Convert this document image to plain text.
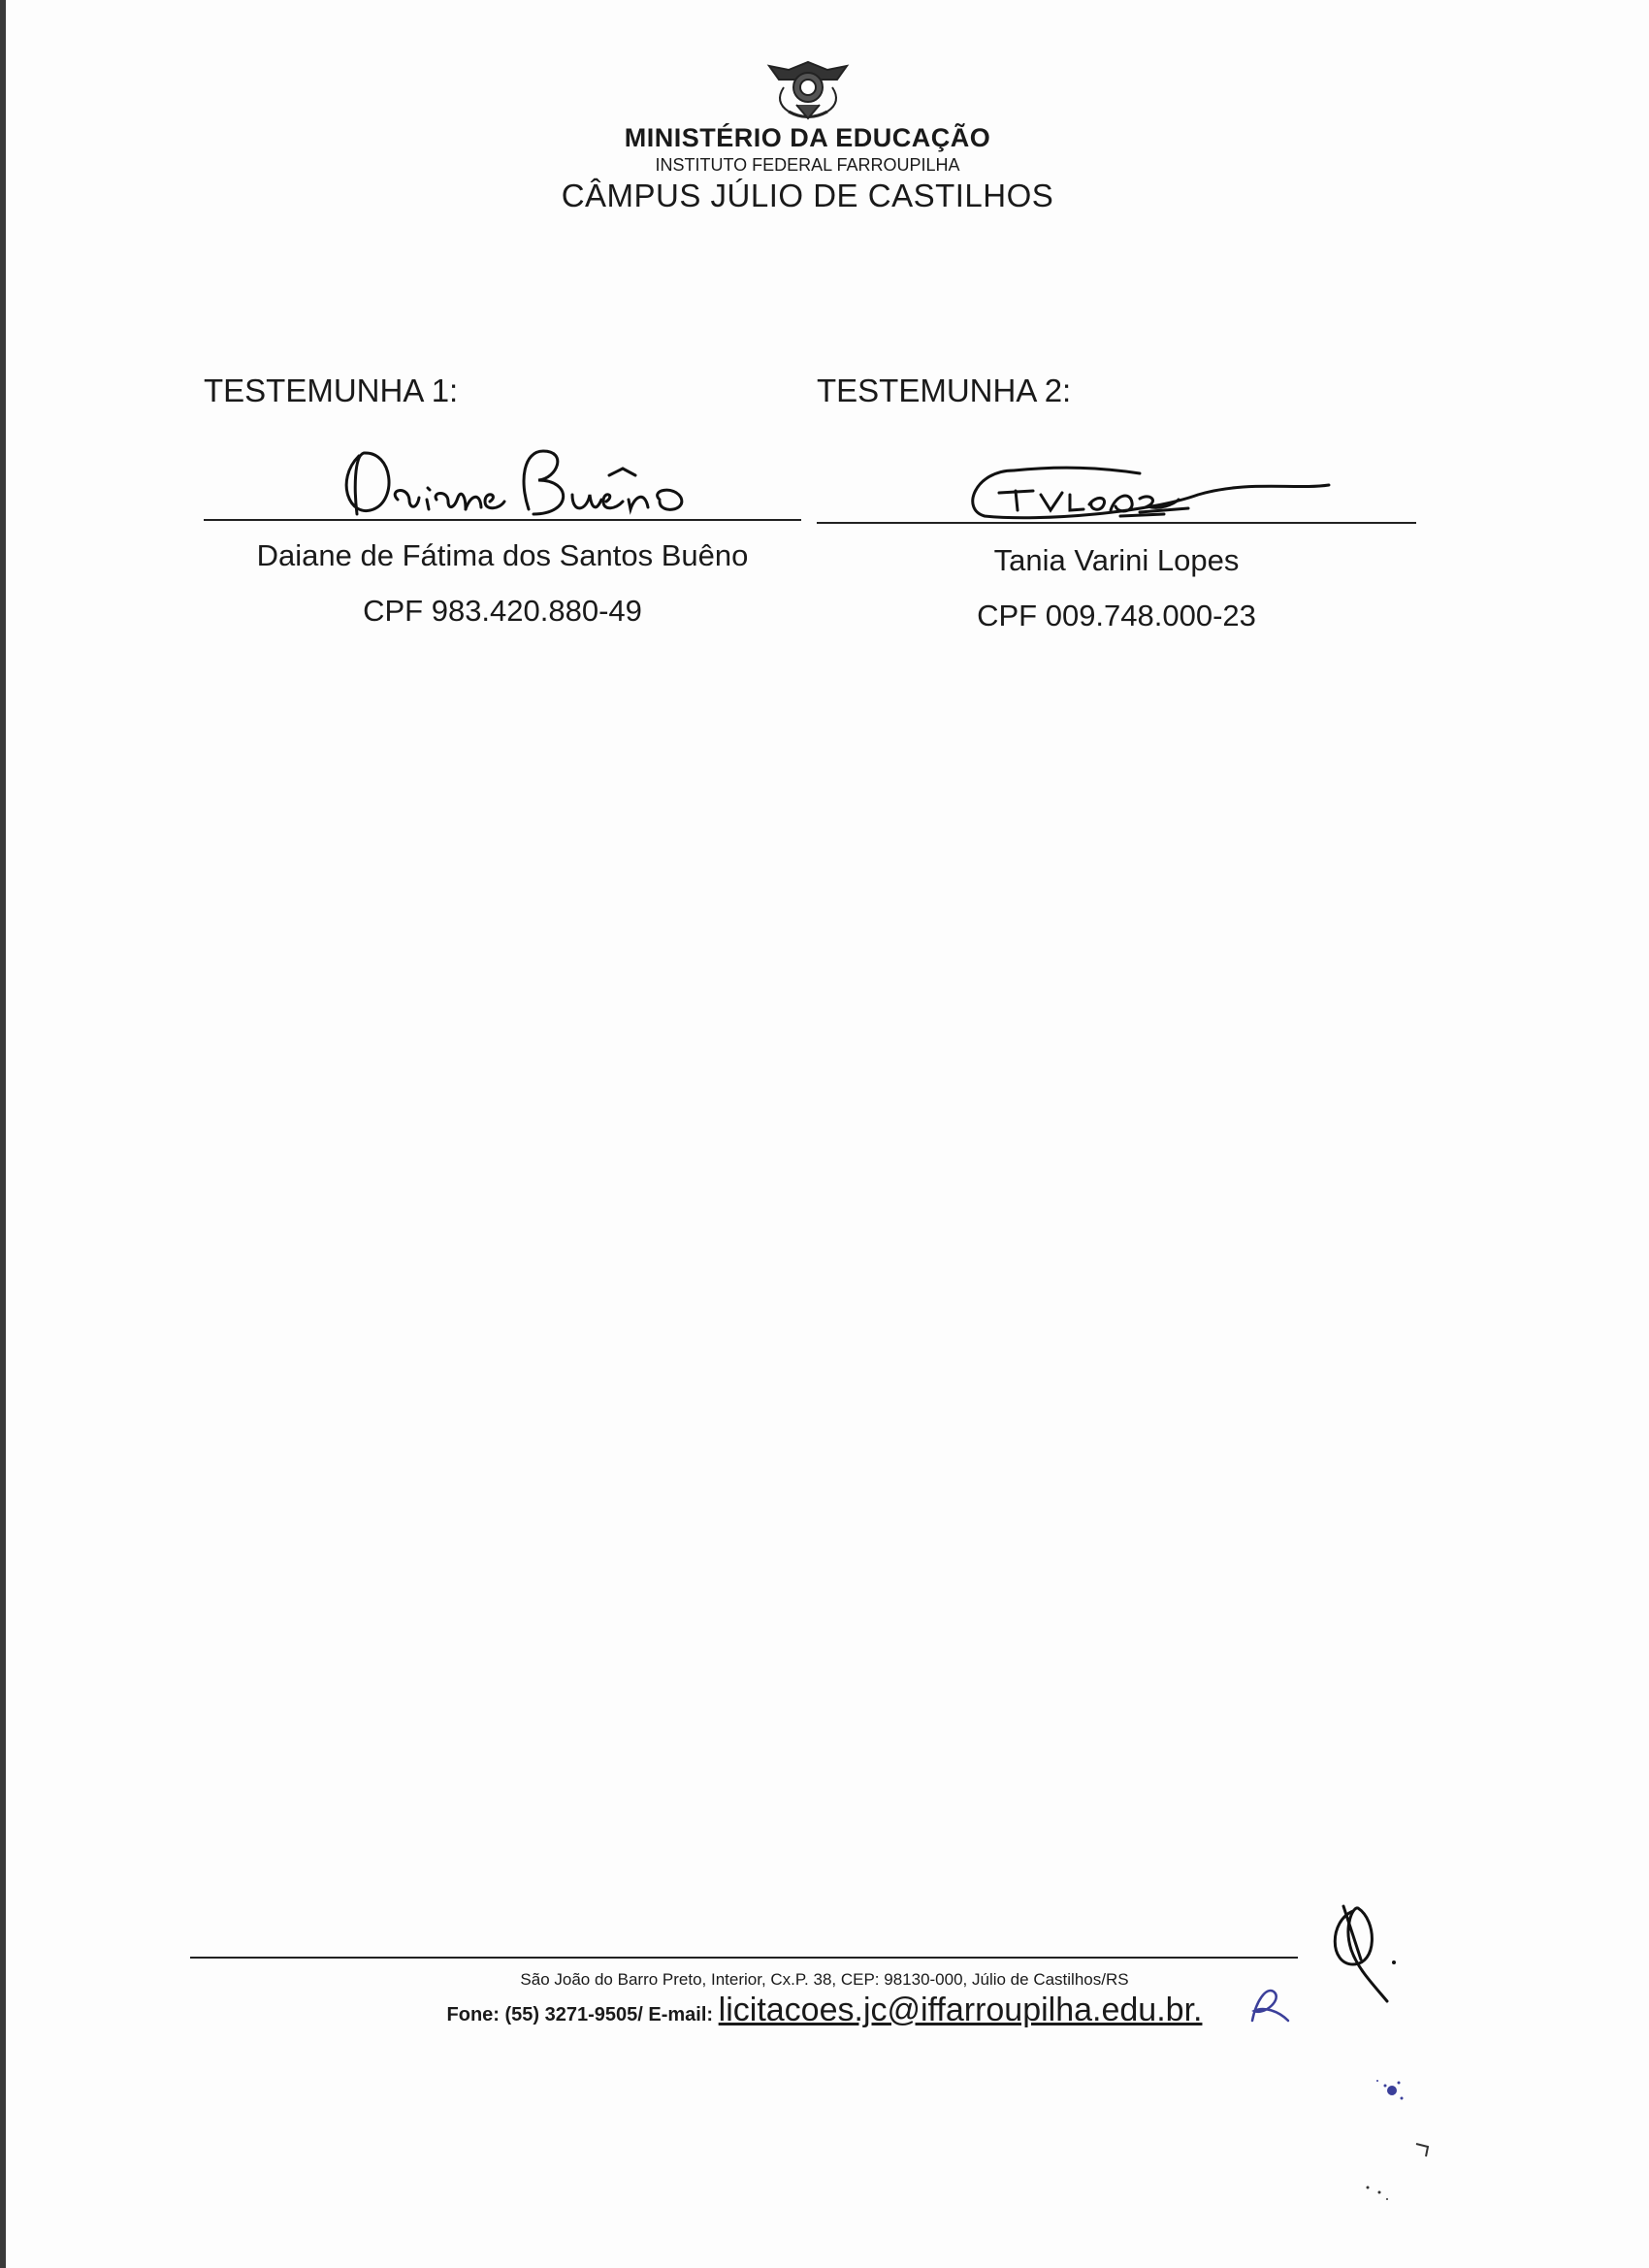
MINISTÉRIO DA EDUCAÇÃO
INSTITUTO FEDERAL FARROUPILHA
CÂMPUS JÚLIO DE CASTILHOS
TESTEMUNHA 1:
Daiane de Fátima dos Santos Buêno
CPF 983.420.880-49
TESTEMUNHA 2:
Tania Varini Lopes
CPF 009.748.000-23
São João do Barro Preto, Interior, Cx.P. 38, CEP: 98130-000, Júlio de Castilhos/RS
Fone: (55) 3271-9505/ E-mail: licitacoes.jc@iffarroupilha.edu.br.
